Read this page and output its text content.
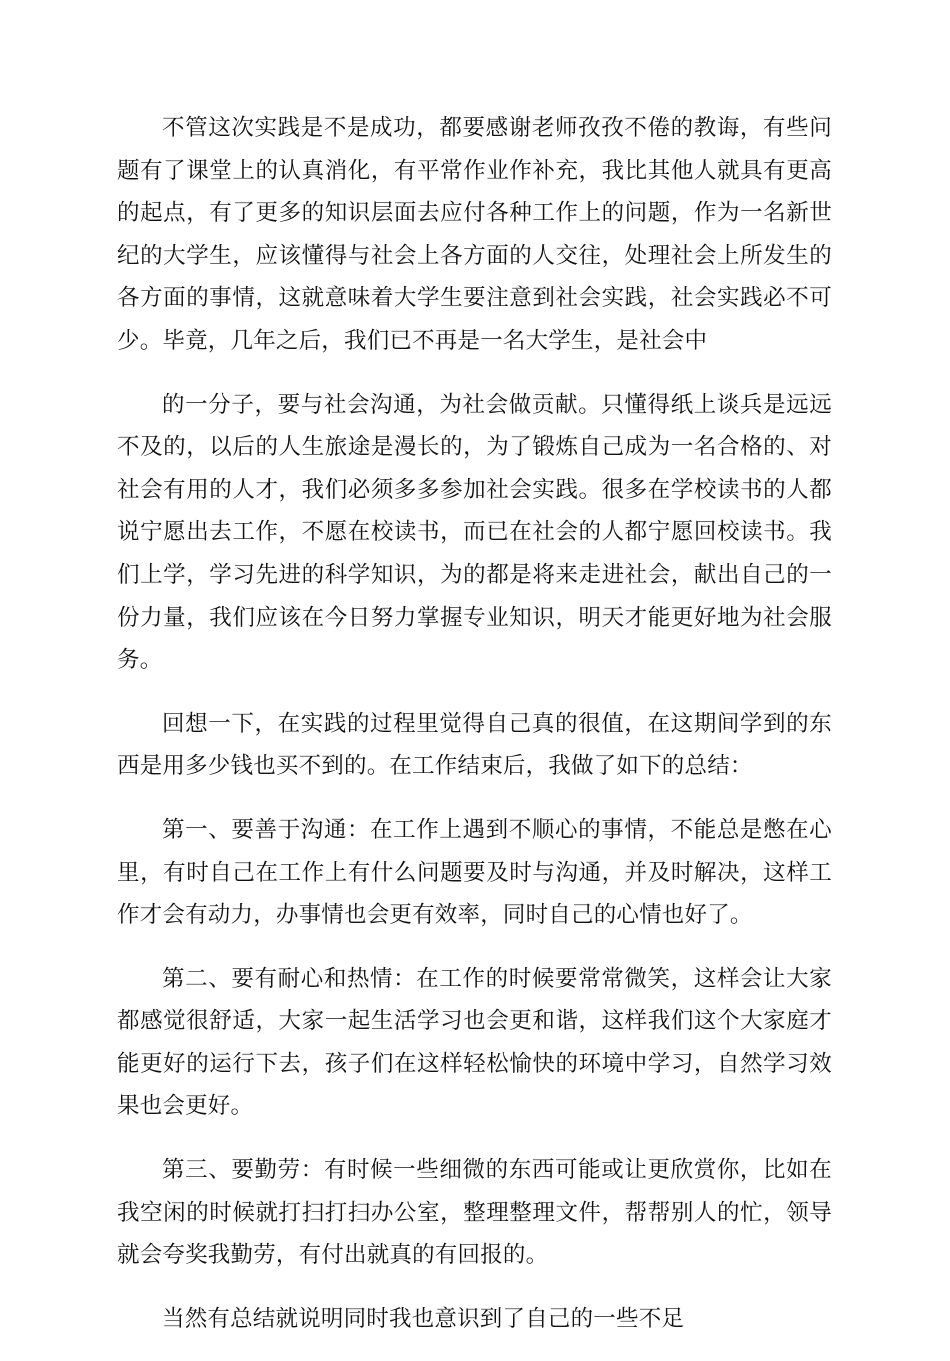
不管这次实践是不是成功，都要感谢老师孜孜不倦的教诲，有些问题有了课堂上的认真消化，有平常作业作补充，我比其他人就具有更高的起点，有了更多的知识层面去应付各种工作上的问题，作为一名新世纪的大学生，应该懂得与社会上各方面的人交往，处理社会上所发生的各方面的事情，这就意味着大学生要注意到社会实践，社会实践必不可少。毕竟，几年之后，我们已不再是一名大学生，是社会中

的一分子，要与社会沟通，为社会做贡献。只懂得纸上谈兵是远远不及的，以后的人生旅途是漫长的，为了锻炼自己成为一名合格的、对社会有用的人才，我们必须多多参加社会实践。很多在学校读书的人都说宁愿出去工作，不愿在校读书，而已在社会的人都宁愿回校读书。我们上学，学习先进的科学知识，为的都是将来走进社会，献出自己的一份力量，我们应该在今日努力掌握专业知识，明天才能更好地为社会服务。

回想一下，在实践的过程里觉得自己真的很值，在这期间学到的东西是用多少钱也买不到的。在工作结束后，我做了如下的总结：

第一、要善于沟通：在工作上遇到不顺心的事情，不能总是憋在心里，有时自己在工作上有什么问题要及时与沟通，并及时解决，这样工作才会有动力，办事情也会更有效率，同时自己的心情也好了。

第二、要有耐心和热情：在工作的时候要常常微笑，这样会让大家都感觉很舒适，大家一起生活学习也会更和谐，这样我们这个大家庭才能更好的运行下去，孩子们在这样轻松愉快的环境中学习，自然学习效果也会更好。

第三、要勤劳：有时候一些细微的东西可能或让更欣赏你，比如在我空闲的时候就打扫打扫办公室，整理整理文件，帮帮别人的忙，领导就会夸奖我勤劳，有付出就真的有回报的。

当然有总结就说明同时我也意识到了自己的一些不足
